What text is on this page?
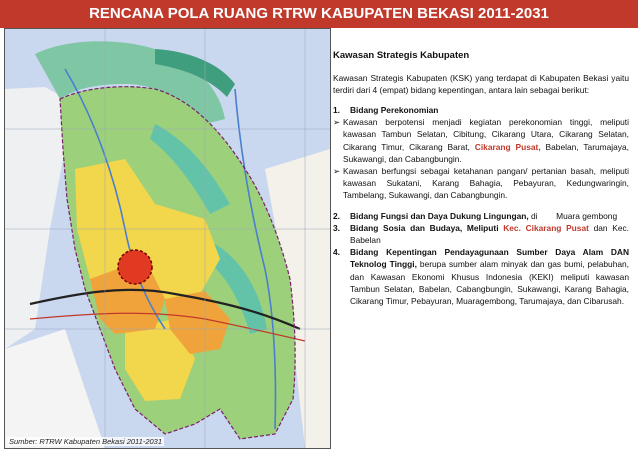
RENCANA POLA RUANG RTRW KABUPATEN BEKASI 2011-2031
Sumber: RTRW Kabupaten Bekasi 2011-2031
Kawasan Strategis Kabupaten

Kawasan Strategis Kabupaten (KSK) yang terdapat di Kabupaten Bekasi yaitu terdiri dari 4 (empat) bidang kepentingan, antara lain sebagai berikut:

1.	Bidang Perekonomian
➢ Kawasan berpotensi menjadi kegiatan perekonomian tinggi, meliputi kawasan Tambun Selatan, Cibitung, Cikarang Utara, Cikarang Selatan, Cikarang Timur, Cikarang Barat, Cikarang Pusat, Babelan, Tarumajaya, Sukawangi, dan Cabangbungin.
➢ Kawasan berfungsi sebagai ketahanan pangan/ pertanian basah, meliputi kawasan Sukatani, Karang Bahagia, Pebayuran, Kedungwaringin, Tambelang, Sukawangi, dan Cabangbungin.
2.	Bidang Fungsi dan Daya Dukung Lingungan, di        Muara gembong
3.	Bidang Sosia dan Budaya, Meliputi Kec. Cikarang Pusat dan Kec. Babelan
4.	Bidang Kepentingan Pendayagunaan Sumber Daya Alam DAN Teknolog Tinggi, berupa sumber alam minyak dan gas bumi, pelabuhan, dan Kawasan Ekonomi Khusus Indonesia (KEKI) meliputi kawasan Tambun Selatan, Babelan, Cabangbungin, Sukawangi, Karang Bahagia, Cikarang Timur, Pebayuran, Muaragembong, Tarumajaya, dan Cibarusah.
